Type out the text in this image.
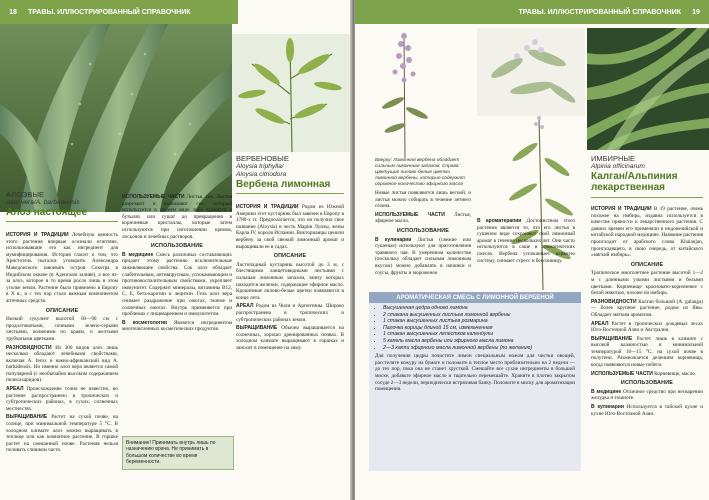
18	ТРАВЫ. ИЛЛЮСТРИРОВАННЫЙ СПРАВОЧНИК
АЛОЭВЫЕ
Aloe vera/A. barbadensis
Алоэ настоящее

ИСТОРИЯ И ТРАДИЦИИ Лечебную ценность этого растения впервые осознали египтяне, использовавшие его как ингредиент для мумифицирования. История гласит о том, что Аристотель пытался уговорить Александра Македонского завоевать остров Сокотра в Индийском океане (в Аденском заливе), а все из-за алоэ, которое в то время росло лишь в этом уголке земли. Растение было привезено в Европу в X в., и с тех пор стало важным компонентом аптечных средств.

ОПИСАНИЕ

Низкий сукулент высотой 60—90 см с продолговатыми, сочными зелено-серыми листьями, колючими по краям, и желтыми трубчатыми цветками.

РАЗНОВИДНОСТИ Из 300 видов алоэ лишь несколько обладают лечебными свойствами, включая A. ferox и южно-африканский вид A. barbadensis. Но именно алоэ вера является самой популярной (с необычайно высоким содержанием полисахаридов).

АРЕАЛ Происхождение точно не известно, но растение распространено в тропических и субтропических районах, в сухих, солнечных местностях.

ВЫРАЩИВАНИЕ Растет на сухой почве, на солнце, при минимальной температуре 5 °С. В холодном климате алоэ можно выращивать в теплице или как комнатное растение. В горшке растет на смешанной почве. Растения нельзя поливать слишком часто.

ИСПОЛЬЗУЕМЫЕ ЧАСТИ Листья, сок. Листья разрезают и выжимают сок, который используется в свежем виде либо хранится в бутылях или сушат до превращения в коричневые кристаллы, которые затем используются при изготовлении кремов, лосьонов и лечебных растворов.

ИСПОЛЬЗОВАНИЕ

В медицине Смесь различных составляющих придает этому растению исключительные заживляющие свойства. Сок алоэ обладает слабительным, антивирусным, успокаивающим и противовоспалительным свойствами, укрепляет иммунитет. Содержит минералы, витамины B12, C, E, бета-каротин и лецитин. Гель алоэ вера снимает раздражение при ожогах, экземе и солнечных ожогах. Внутрь применяется при проблемах с пищеварением и иммунитетом.

В косметологии Является ингредиентом многочисленных косметических продуктов.

Внимание! Принимать внутрь лишь по назначению врача. Не принимать в большом количестве во время беременности.
ВЕРБЕНОВЫЕ
Aloysia triphylla/
Aloysia citriodora
Вербена лимонная

ИСТОРИЯ И ТРАДИЦИИ Родом из Южной Америки этот кустарник был завезен в Европу в 1780-х гг. Предполагается, что он получил свое название (Aloysia) в честь Марии Луизы, жены Карла IV, короля Испании. Викторианцы ценили вербену за свой свежий лимонный аромат и выращивали ее в садах.

ОПИСАНИЕ

Листопадный кустарник высотой до 3 м, с блестящими ланцетовидными листьями с сильным лимонным запахом, внизу которых находятся железки, содержащие эфирное масло. Крошечные лилово-белые цветки появляются в конце лета.

АРЕАЛ Родом из Чили и Аргентины. Широко распространена в тропических и субтропических районах земли.

ВЫРАЩИВАНИЕ Обычно выращивается на солнечных, хорошо дренированных почвах. В холодном климате выращивают в горшках и заносят в помещение на зиму.

ТРАВЫ. ИЛЛЮСТРИРОВАННЫЙ СПРАВОЧНИК	19
Вверху: Лимонная вербена обладает сильным лимонным запахом. Справа: Цветущие лилово-белые цветки лимонной вербены, которые содержат огромное количество эфирного масла

Новые листья появляются лишь весной, и листья можно собирать в течение летнего сезона.

ИСПОЛЬЗУЕМЫЕ ЧАСТИ Листья, эфирное масло.

ИСПОЛЬЗОВАНИЕ

В кулинарии Листья (свежие или сушеные) используют для приготовления травяного чая. В умеренном количестве (поскольку обладает сильным лимонным вкусом) можно добавлять в начинки и соусы, фрукты и мороженое.

В ароматерапии Достоинством этого растения является то, что его листья в сушеном виде сохраняют свой лимонный аромат в течение нескольких лет. Они часто используются в саше и ароматических смесях. Вербена успокаивает нервную систему, снимает стресс и бессонницу.

АРОМАТИЧЕСКАЯ СМЕСЬ С ЛИМОННОЙ ВЕРБЕНОЙ
• Высушенная цедра одного лимона
• 2 стакана высушенных листьев лимонной вербены
• 1 стакан высушенных листьев розмарина
• Палочка корицы длиной 15 см, измельченная
• 1 стакан высушенных лепестков календулы
• 5 капель масла вербены или эфирного масла лимона
• 2—3 капли эфирного масла лимонной вербены (по желанию)
Для получения цедры почистите лимон специальным ножом для чистки овощей, расстелите кожуру на бумаге и положите в теплое место приблизительно на 2 недели — до тех пор, пока она не станет хрусткой. Смешайте все сухие ингредиенты в большой миске, добавьте эфирное масло и тщательно перемешайте. Храните в плотно закрытом сосуде 2—3 недели, периодически встряхивая банку. Положите в миску для ароматизации помещения.
ИМБИРНЫЕ
Alpinia officinarum
Калган/Альпиния
лекарственная

ИСТОРИЯ И ТРАДИЦИИ В 19 растение, очень похожее на имбирь, издавна используется в качестве пряности и лекарственного растения. С давних времен его применяли в индонезийской и китайской народной медицине. Название растения происходит от арабского слова Khalanjan, происходящего, в свою очередь, от китайского «мягкий имбирь».

ОПИСАНИЕ

Тропическое многолетнее растение высотой 1—2 м с длинными узкими листьями и белыми цветками. Корневище красновато-коричневое с белой мякотью, похоже на имбирь.

РАЗНОВИДНОСТИ Калган большой (A. galanga) — более крупное растение, родом из Явы. Обладает мягким ароматом.

АРЕАЛ Растет в тропических дождевых лесах Юго-Восточной Азии и Австралии.

ВЫРАЩИВАНИЕ Растет лишь в климате с высокой влажностью и минимальной температурой 10—15 °C, на сухой почве в полутени. Размножается делением корневища, когда появляются новые побеги.

ИСПОЛЬЗУЕМЫЕ ЧАСТИ Корневище, масло.

ИСПОЛЬЗОВАНИЕ

В медицине Отличное средство при несварении желудка и тошноте.

В кулинарии Используется в тайской кухне и кухне Юго-Восточной Азии.
